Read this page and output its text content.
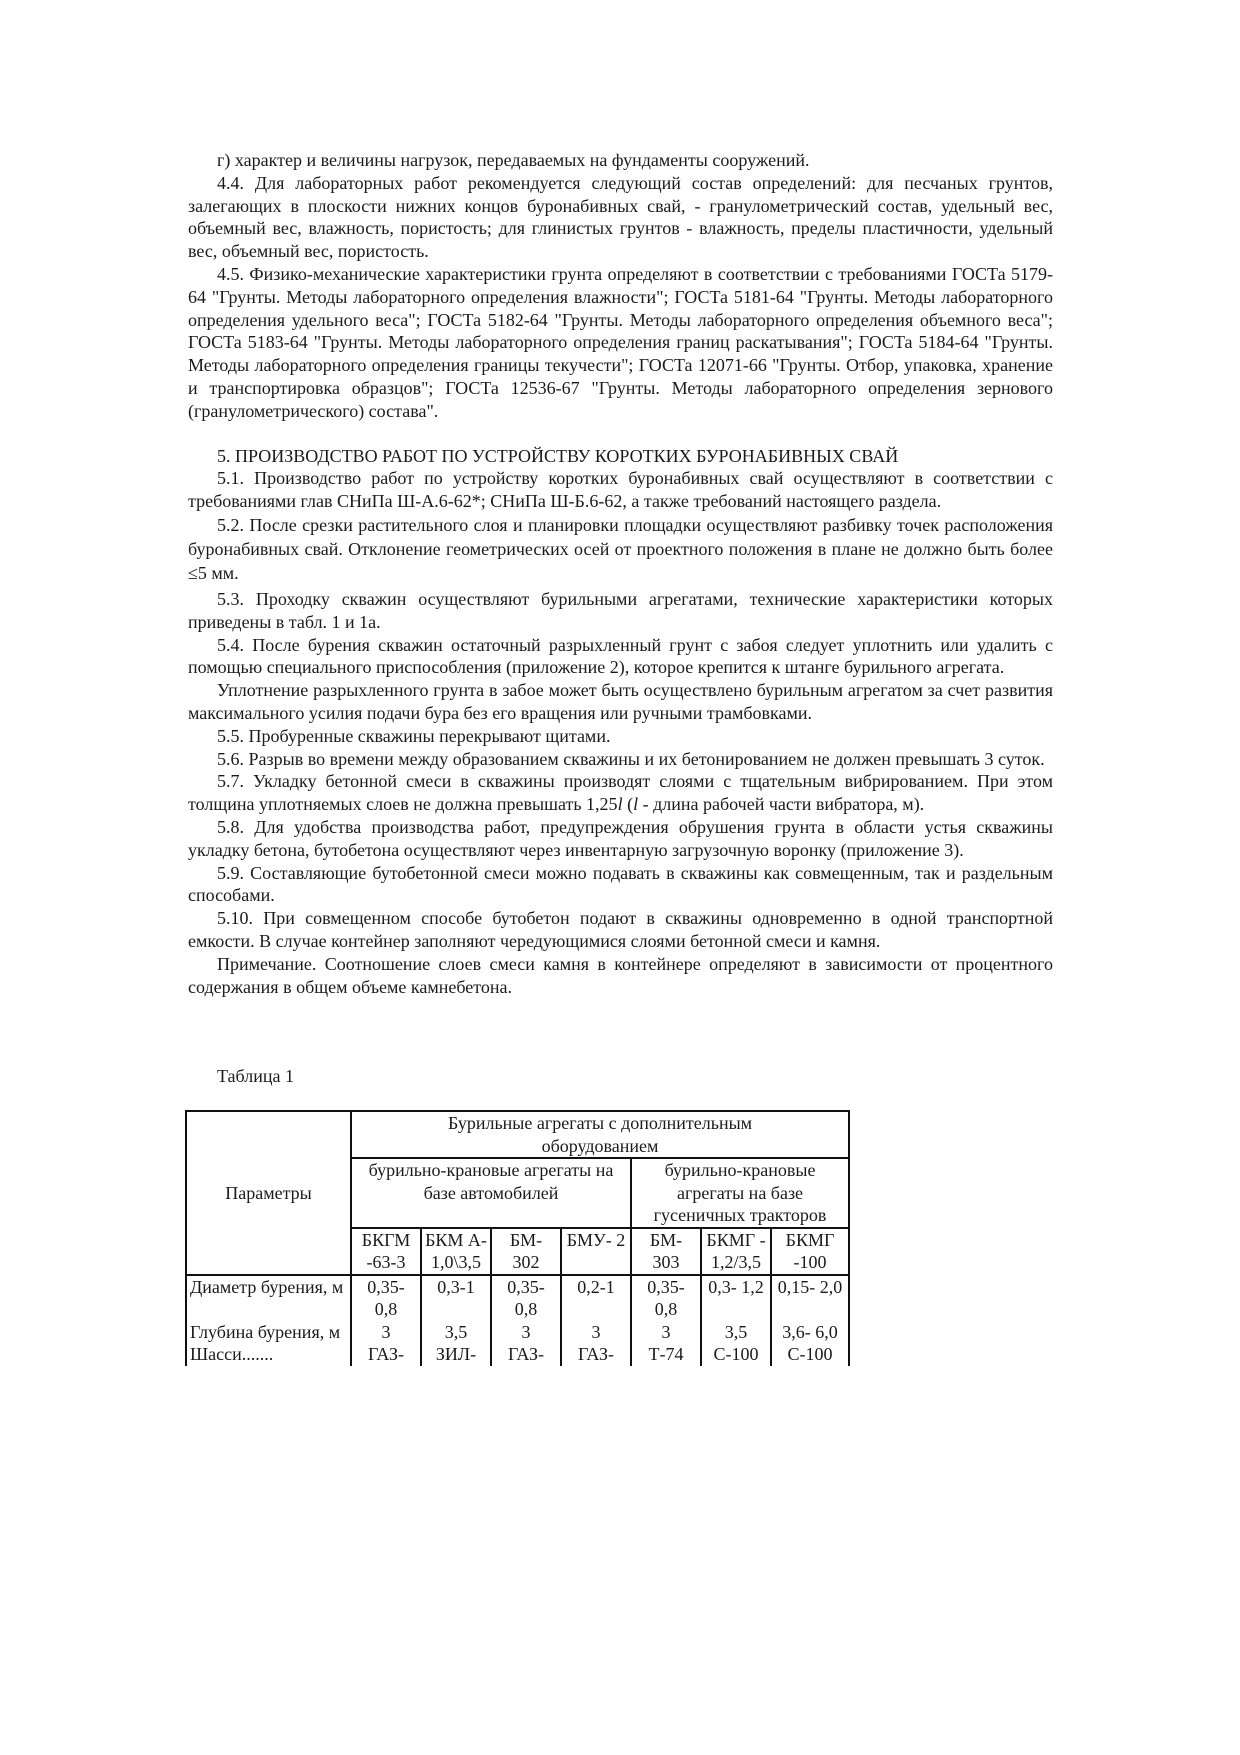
г) характер и величины нагрузок, передаваемых на фундаменты сооружений.

4.4. Для лабораторных работ рекомендуется следующий состав определений: для песчаных грунтов, залегающих в плоскости нижних концов буронабивных свай, - гранулометрический состав, удельный вес, объемный вес, влажность, пористость; для глинистых грунтов - влажность, пределы пластичности, удельный вес, объемный вес, пористость.

4.5. Физико-механические характеристики грунта определяют в соответствии с требованиями ГОСТа 5179-64 "Грунты. Методы лабораторного определения влажности"; ГОСТа 5181-64 "Грунты. Методы лабораторного определения удельного веса"; ГОСТа 5182-64 "Грунты. Методы лабораторного определения объемного веса"; ГОСТа 5183-64 "Грунты. Методы лабораторного определения границ раскатывания"; ГОСТа 5184-64 "Грунты. Методы лабораторного определения границы текучести"; ГОСТа 12071-66 "Грунты. Отбор, упаковка, хранение и транспортировка образцов"; ГОСТа 12536-67 "Грунты. Методы лабораторного определения зернового (гранулометрического) состава".

5. ПРОИЗВОДСТВО РАБОТ ПО УСТРОЙСТВУ КОРОТКИХ БУРОНАБИВНЫХ СВАЙ

5.1. Производство работ по устройству коротких буронабивных свай осуществляют в соответствии с требованиями глав СНиПа Ш-А.6-62*; СНиПа Ш-Б.6-62, а также требований настоящего раздела.

5.2. После срезки растительного слоя и планировки площадки осуществляют разбивку точек расположения буронабивных свай. Отклонение геометрических осей от проектного положения в плане не должно быть более ≤5 мм.

5.3. Проходку скважин осуществляют бурильными агрегатами, технические характеристики которых приведены в табл. 1 и 1а.

5.4. После бурения скважин остаточный разрыхленный грунт с забоя следует уплотнить или удалить с помощью специального приспособления (приложение 2), которое крепится к штанге бурильного агрегата.

Уплотнение разрыхленного грунта в забое может быть осуществлено бурильным агрегатом за счет развития максимального усилия подачи бура без его вращения или ручными трамбовками.

5.5. Пробуренные скважины перекрывают щитами.

5.6. Разрыв во времени между образованием скважины и их бетонированием не должен превышать 3 суток.

5.7. Укладку бетонной смеси в скважины производят слоями с тщательным вибрированием. При этом толщина уплотняемых слоев не должна превышать 1,25l (l - длина рабочей части вибратора, м).

5.8. Для удобства производства работ, предупреждения обрушения грунта в области устья скважины укладку бетона, бутобетона осуществляют через инвентарную загрузочную воронку (приложение 3).

5.9. Составляющие бутобетонной смеси можно подавать в скважины как совмещенным, так и раздельным способами.

5.10. При совмещенном способе бутобетон подают в скважины одновременно в одной транспортной емкости. В случае контейнер заполняют чередующимися слоями бетонной смеси и камня.

Примечание. Соотношение слоев смеси камня в контейнере определяют в зависимости от процентного содержания в общем объеме камнебетона.

Таблица 1

Параметры	Бурильные агрегаты с дополнительным оборудованием						
	бурильно-крановые агрегаты на базе автомобилей				бурильно-крановые агрегаты на базе гусеничных тракторов		
	БКГМ -63-3	БКМ А- 1,0\3,5	БМ- 302	БМУ- 2	БМ- 303	БКМГ - 1,2/3,5	БКМГ -100
Диаметр бурения, м	0,35- 0,8	0,3-1	0,35- 0,8	0,2-1	0,35- 0,8	0,3- 1,2	0,15- 2,0
Глубина бурения, м	3	3,5	3	3	3	3,5	3,6- 6,0
Шасси.......	ГАЗ-	ЗИЛ-	ГАЗ-	ГАЗ-	Т-74	С-100	С-100
